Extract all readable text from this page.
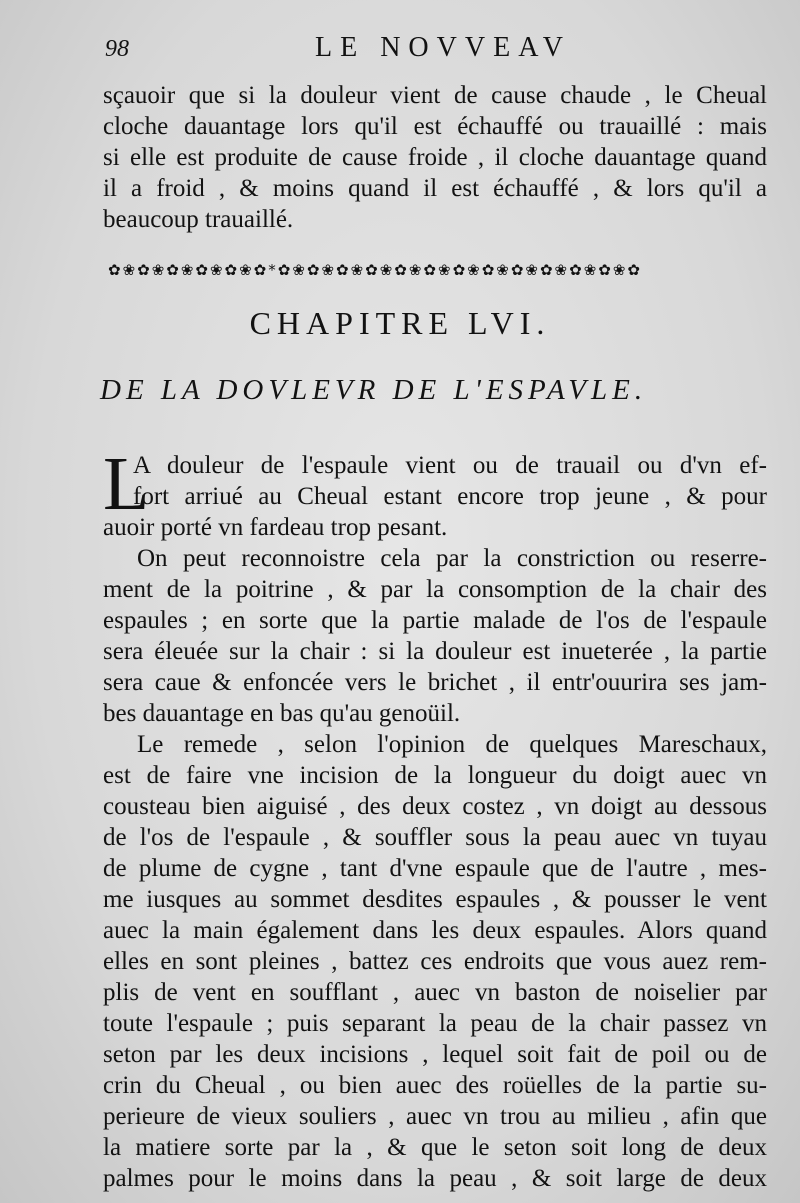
98	LE NOVVEAV
sçauoir que si la douleur vient de cause chaude , le Cheual
cloche dauantage lors qu'il est échauffé ou trauaillé : mais
si elle est produite de cause froide , il cloche dauantage quand
il a froid , & moins quand il est échauffé , & lors qu'il a
beaucoup trauaillé.
✿❀✿❀✿❀✿❀✿❀✿*✿❀✿❀✿❀✿❀✿❀✿❀✿❀✿❀✿❀✿❀✿❀✿❀✿
CHAPITRE LVI.
DE LA DOVLEVR DE L'ESPAVLE.
L
A douleur de l'espaule vient ou de trauail ou d'vn ef-
fort arriué au Cheual estant encore trop jeune , & pour
auoir porté vn fardeau trop pesant.
On peut reconnoistre cela par la constriction ou reserre-
ment de la poitrine , & par la consomption de la chair des
espaules ; en sorte que la partie malade de l'os de l'espaule
sera éleuée sur la chair : si la douleur est inueterée , la partie
sera caue & enfoncée vers le brichet , il entr'ouurira ses jam-
bes dauantage en bas qu'au genoüil.
Le remede , selon l'opinion de quelques Mareschaux,
est de faire vne incision de la longueur du doigt auec vn
cousteau bien aiguisé , des deux costez , vn doigt au dessous
de l'os de l'espaule , & souffler sous la peau auec vn tuyau
de plume de cygne , tant d'vne espaule que de l'autre , mes-
me iusques au sommet desdites espaules , & pousser le vent
auec la main également dans les deux espaules. Alors quand
elles en sont pleines , battez ces endroits que vous auez rem-
plis de vent en soufflant , auec vn baston de noiselier par
toute l'espaule ; puis separant la peau de la chair passez vn
seton par les deux incisions , lequel soit fait de poil ou de
crin du Cheual , ou bien auec des roüelles de la partie su-
perieure de vieux souliers , auec vn trou au milieu , afin que
la matiere sorte par la , & que le seton soit long de deux
palmes pour le moins dans la peau , & soit large de deux
